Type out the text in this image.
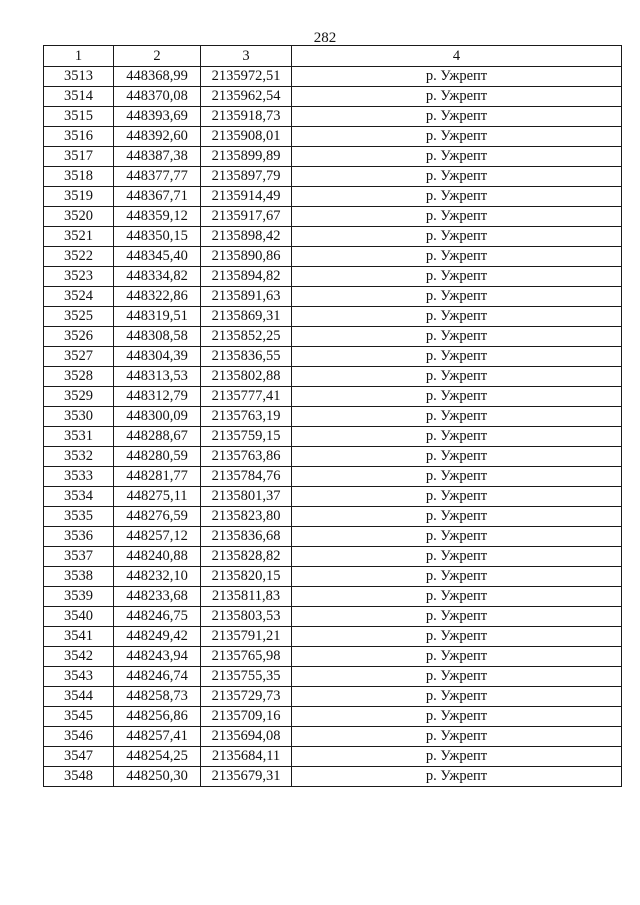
282
1	2	3	4
3513	448368,99	2135972,51	р. Ужрепт
3514	448370,08	2135962,54	р. Ужрепт
3515	448393,69	2135918,73	р. Ужрепт
3516	448392,60	2135908,01	р. Ужрепт
3517	448387,38	2135899,89	р. Ужрепт
3518	448377,77	2135897,79	р. Ужрепт
3519	448367,71	2135914,49	р. Ужрепт
3520	448359,12	2135917,67	р. Ужрепт
3521	448350,15	2135898,42	р. Ужрепт
3522	448345,40	2135890,86	р. Ужрепт
3523	448334,82	2135894,82	р. Ужрепт
3524	448322,86	2135891,63	р. Ужрепт
3525	448319,51	2135869,31	р. Ужрепт
3526	448308,58	2135852,25	р. Ужрепт
3527	448304,39	2135836,55	р. Ужрепт
3528	448313,53	2135802,88	р. Ужрепт
3529	448312,79	2135777,41	р. Ужрепт
3530	448300,09	2135763,19	р. Ужрепт
3531	448288,67	2135759,15	р. Ужрепт
3532	448280,59	2135763,86	р. Ужрепт
3533	448281,77	2135784,76	р. Ужрепт
3534	448275,11	2135801,37	р. Ужрепт
3535	448276,59	2135823,80	р. Ужрепт
3536	448257,12	2135836,68	р. Ужрепт
3537	448240,88	2135828,82	р. Ужрепт
3538	448232,10	2135820,15	р. Ужрепт
3539	448233,68	2135811,83	р. Ужрепт
3540	448246,75	2135803,53	р. Ужрепт
3541	448249,42	2135791,21	р. Ужрепт
3542	448243,94	2135765,98	р. Ужрепт
3543	448246,74	2135755,35	р. Ужрепт
3544	448258,73	2135729,73	р. Ужрепт
3545	448256,86	2135709,16	р. Ужрепт
3546	448257,41	2135694,08	р. Ужрепт
3547	448254,25	2135684,11	р. Ужрепт
3548	448250,30	2135679,31	р. Ужрепт
